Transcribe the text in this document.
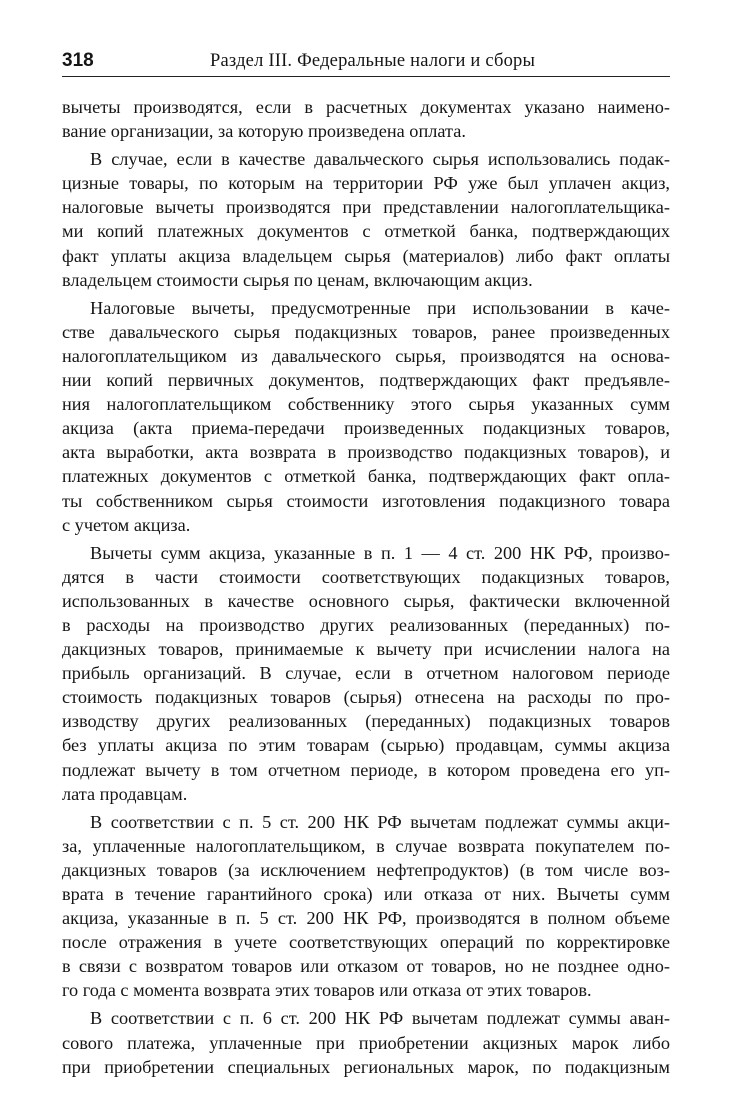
318	Раздел III. Федеральные налоги и сборы
вычеты производятся, если в расчетных документах указано наимено-
вание организации, за которую произведена оплата.
В случае, если в качестве давальческого сырья использовались подак-
цизные товары, по которым на территории РФ уже был уплачен акциз,
налоговые вычеты производятся при представлении налогоплательщика-
ми копий платежных документов с отметкой банка, подтверждающих
факт уплаты акциза владельцем сырья (материалов) либо факт оплаты
владельцем стоимости сырья по ценам, включающим акциз.
Налоговые вычеты, предусмотренные при использовании в каче-
стве давальческого сырья подакцизных товаров, ранее произведенных
налогоплательщиком из давальческого сырья, производятся на основа-
нии копий первичных документов, подтверждающих факт предъявле-
ния налогоплательщиком собственнику этого сырья указанных сумм
акциза (акта приема-передачи произведенных подакцизных товаров,
акта выработки, акта возврата в производство подакцизных товаров), и
платежных документов с отметкой банка, подтверждающих факт опла-
ты собственником сырья стоимости изготовления подакцизного товара
с учетом акциза.
Вычеты сумм акциза, указанные в п. 1 — 4 ст. 200 НК РФ, произво-
дятся в части стоимости соответствующих подакцизных товаров,
использованных в качестве основного сырья, фактически включенной
в расходы на производство других реализованных (переданных) по-
дакцизных товаров, принимаемые к вычету при исчислении налога на
прибыль организаций. В случае, если в отчетном налоговом периоде
стоимость подакцизных товаров (сырья) отнесена на расходы по про-
изводству других реализованных (переданных) подакцизных товаров
без уплаты акциза по этим товарам (сырью) продавцам, суммы акциза
подлежат вычету в том отчетном периоде, в котором проведена его уп-
лата продавцам.
В соответствии с п. 5 ст. 200 НК РФ вычетам подлежат суммы акци-
за, уплаченные налогоплательщиком, в случае возврата покупателем по-
дакцизных товаров (за исключением нефтепродуктов) (в том числе воз-
врата в течение гарантийного срока) или отказа от них. Вычеты сумм
акциза, указанные в п. 5 ст. 200 НК РФ, производятся в полном объеме
после отражения в учете соответствующих операций по корректировке
в связи с возвратом товаров или отказом от товаров, но не позднее одно-
го года с момента возврата этих товаров или отказа от этих товаров.
В соответствии с п. 6 ст. 200 НК РФ вычетам подлежат суммы аван-
сового платежа, уплаченные при приобретении акцизных марок либо
при приобретении специальных региональных марок, по подакцизным
